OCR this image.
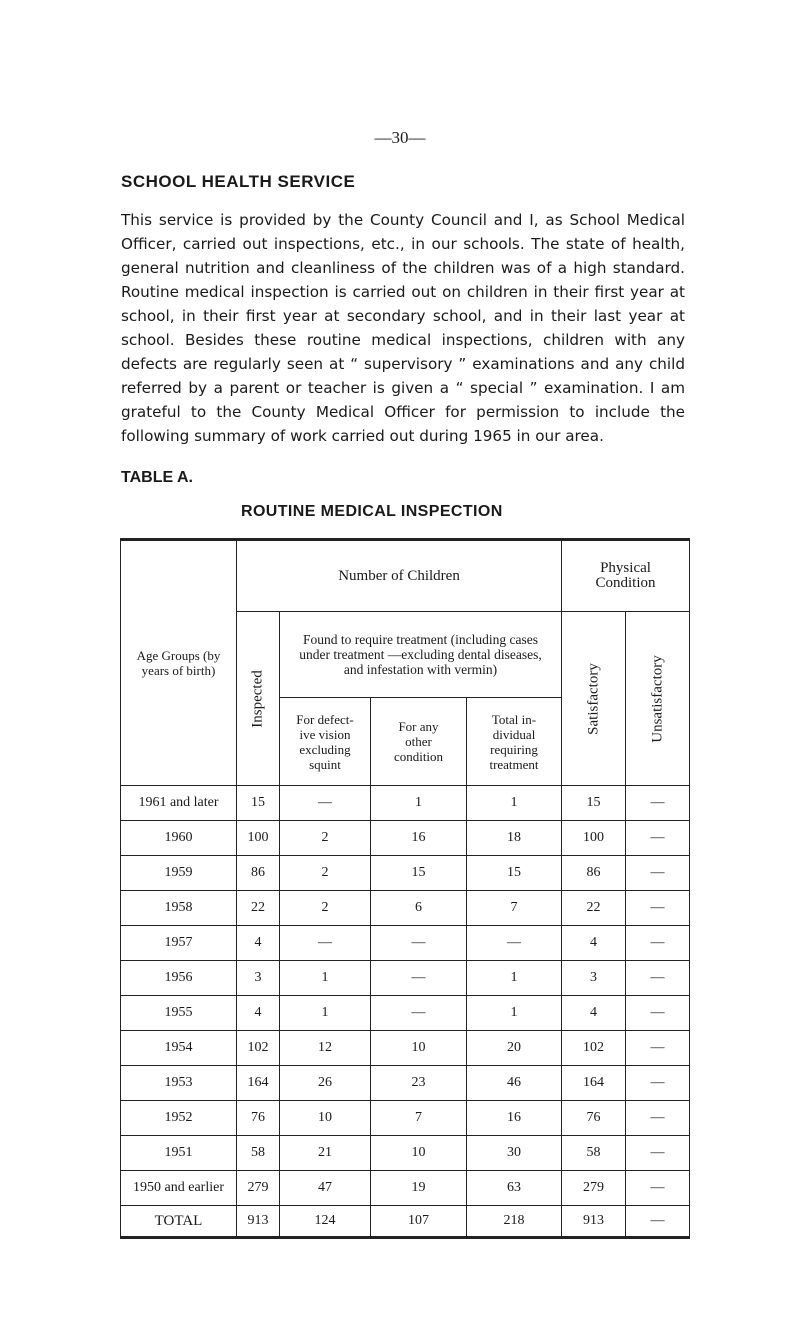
—30—
SCHOOL HEALTH SERVICE

This service is provided by the County Council and I, as School Medical Officer, carried out inspections, etc., in our schools. The state of health, general nutrition and cleanliness of the children was of a high standard. Routine medical inspection is carried out on children in their first year at school, in their first year at secondary school, and in their last year at school. Besides these routine medical inspections, children with any defects are regularly seen at “ supervisory ” examinations and any child referred by a parent or teacher is given a “ special ” examination. I am grateful to the County Medical Officer for permission to include the following summary of work carried out during 1965 in our area.

TABLE A.
ROUTINE MEDICAL INSPECTION
Age Groups (by years of birth)	Number of Children				Physical Condition	

	Inspected	Found to require treatment (including cases under treatment —excluding dental diseases, and infestation with vermin)			Satisfactory	Unsatisfactory

		For defect-ive vision excluding squint	For any other condition	Total in-dividual requiring treatment		
1961 and later	15	—	1	1	15	—
1960	100	2	16	18	100	—
1959	86	2	15	15	86	—
1958	22	2	6	7	22	—
1957	4	—	—	—	4	—
1956	3	1	—	1	3	—
1955	4	1	—	1	4	—
1954	102	12	10	20	102	—
1953	164	26	23	46	164	—
1952	76	10	7	16	76	—
1951	58	21	10	30	58	—
1950 and earlier	279	47	19	63	279	—
TOTAL	913	124	107	218	913	—
